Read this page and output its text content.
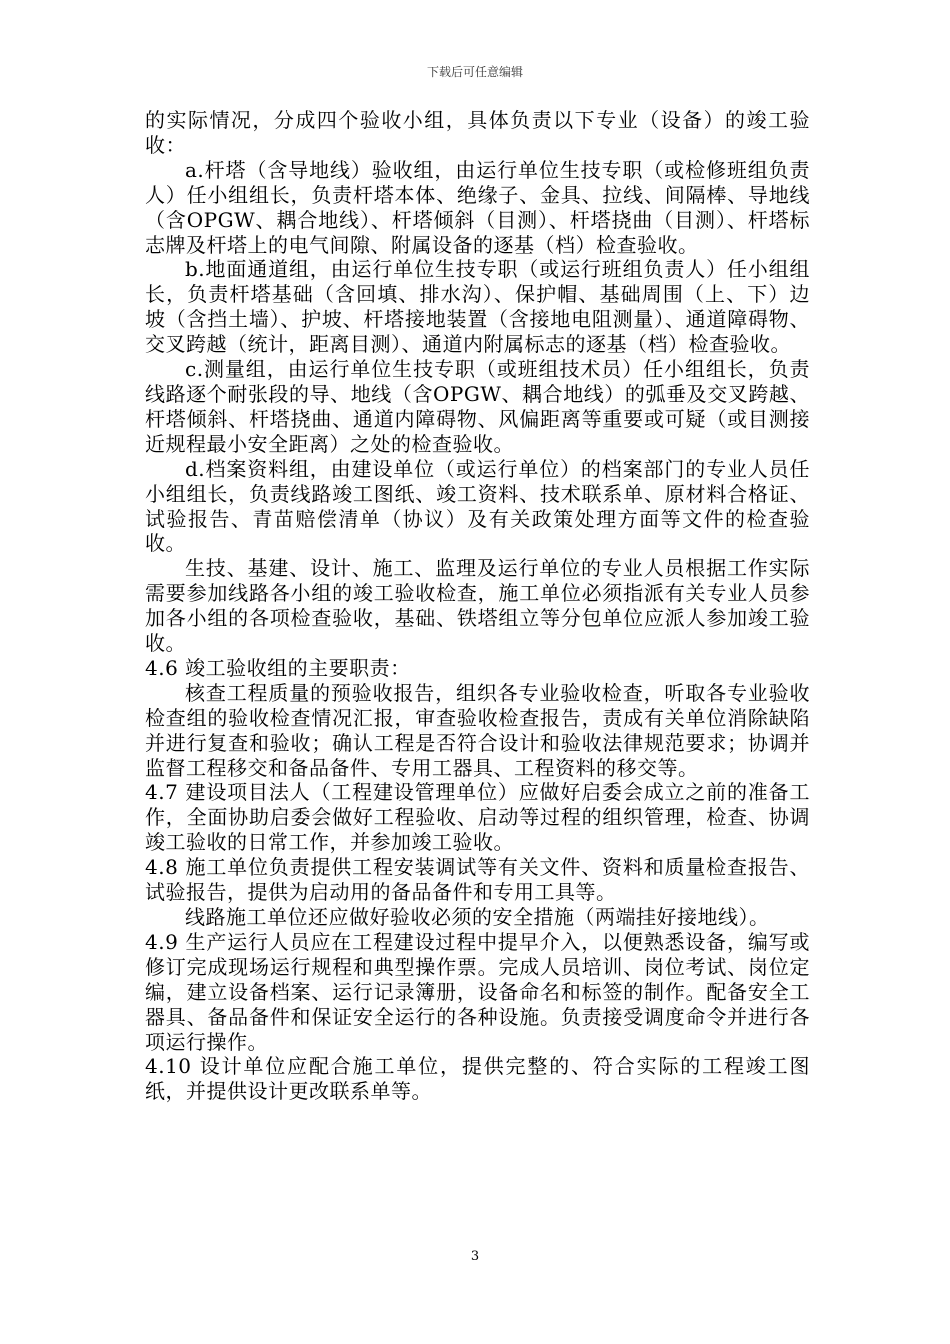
下载后可任意编辑

的实际情况，分成四个验收小组，具体负责以下专业（设备）的竣工验收：

a.杆塔（含导地线）验收组，由运行单位生技专职（或检修班组负责人）任小组组长，负责杆塔本体、绝缘子、金具、拉线、间隔棒、导地线（含OPGW、耦合地线）、杆塔倾斜（目测）、杆塔挠曲（目测）、杆塔标志牌及杆塔上的电气间隙、附属设备的逐基（档）检查验收。

b.地面通道组，由运行单位生技专职（或运行班组负责人）任小组组长，负责杆塔基础（含回填、排水沟）、保护帽、基础周围（上、下）边坡（含挡土墙）、护坡、杆塔接地装置（含接地电阻测量）、通道障碍物、交叉跨越（统计，距离目测）、通道内附属标志的逐基（档）检查验收。

c.测量组，由运行单位生技专职（或班组技术员）任小组组长，负责线路逐个耐张段的导、地线（含OPGW、耦合地线）的弧垂及交叉跨越、杆塔倾斜、杆塔挠曲、通道内障碍物、风偏距离等重要或可疑（或目测接近规程最小安全距离）之处的检查验收。

d.档案资料组，由建设单位（或运行单位）的档案部门的专业人员任小组组长，负责线路竣工图纸、竣工资料、技术联系单、原材料合格证、试验报告、青苗赔偿清单（协议）及有关政策处理方面等文件的检查验收。

生技、基建、设计、施工、监理及运行单位的专业人员根据工作实际需要参加线路各小组的竣工验收检查，施工单位必须指派有关专业人员参加各小组的各项检查验收，基础、铁塔组立等分包单位应派人参加竣工验收。

4.6 竣工验收组的主要职责：

核查工程质量的预验收报告，组织各专业验收检查，听取各专业验收检查组的验收检查情况汇报，审查验收检查报告，责成有关单位消除缺陷并进行复查和验收；确认工程是否符合设计和验收法律规范要求；协调并监督工程移交和备品备件、专用工器具、工程资料的移交等。

4.7 建设项目法人（工程建设管理单位）应做好启委会成立之前的准备工作，全面协助启委会做好工程验收、启动等过程的组织管理，检查、协调竣工验收的日常工作，并参加竣工验收。

4.8 施工单位负责提供工程安装调试等有关文件、资料和质量检查报告、试验报告，提供为启动用的备品备件和专用工具等。

线路施工单位还应做好验收必须的安全措施（两端挂好接地线）。

4.9 生产运行人员应在工程建设过程中提早介入，以便熟悉设备，编写或修订完成现场运行规程和典型操作票。完成人员培训、岗位考试、岗位定编，建立设备档案、运行记录簿册，设备命名和标签的制作。配备安全工器具、备品备件和保证安全运行的各种设施。负责接受调度命令并进行各项运行操作。

4.10 设计单位应配合施工单位，提供完整的、符合实际的工程竣工图纸，并提供设计更改联系单等。

3
